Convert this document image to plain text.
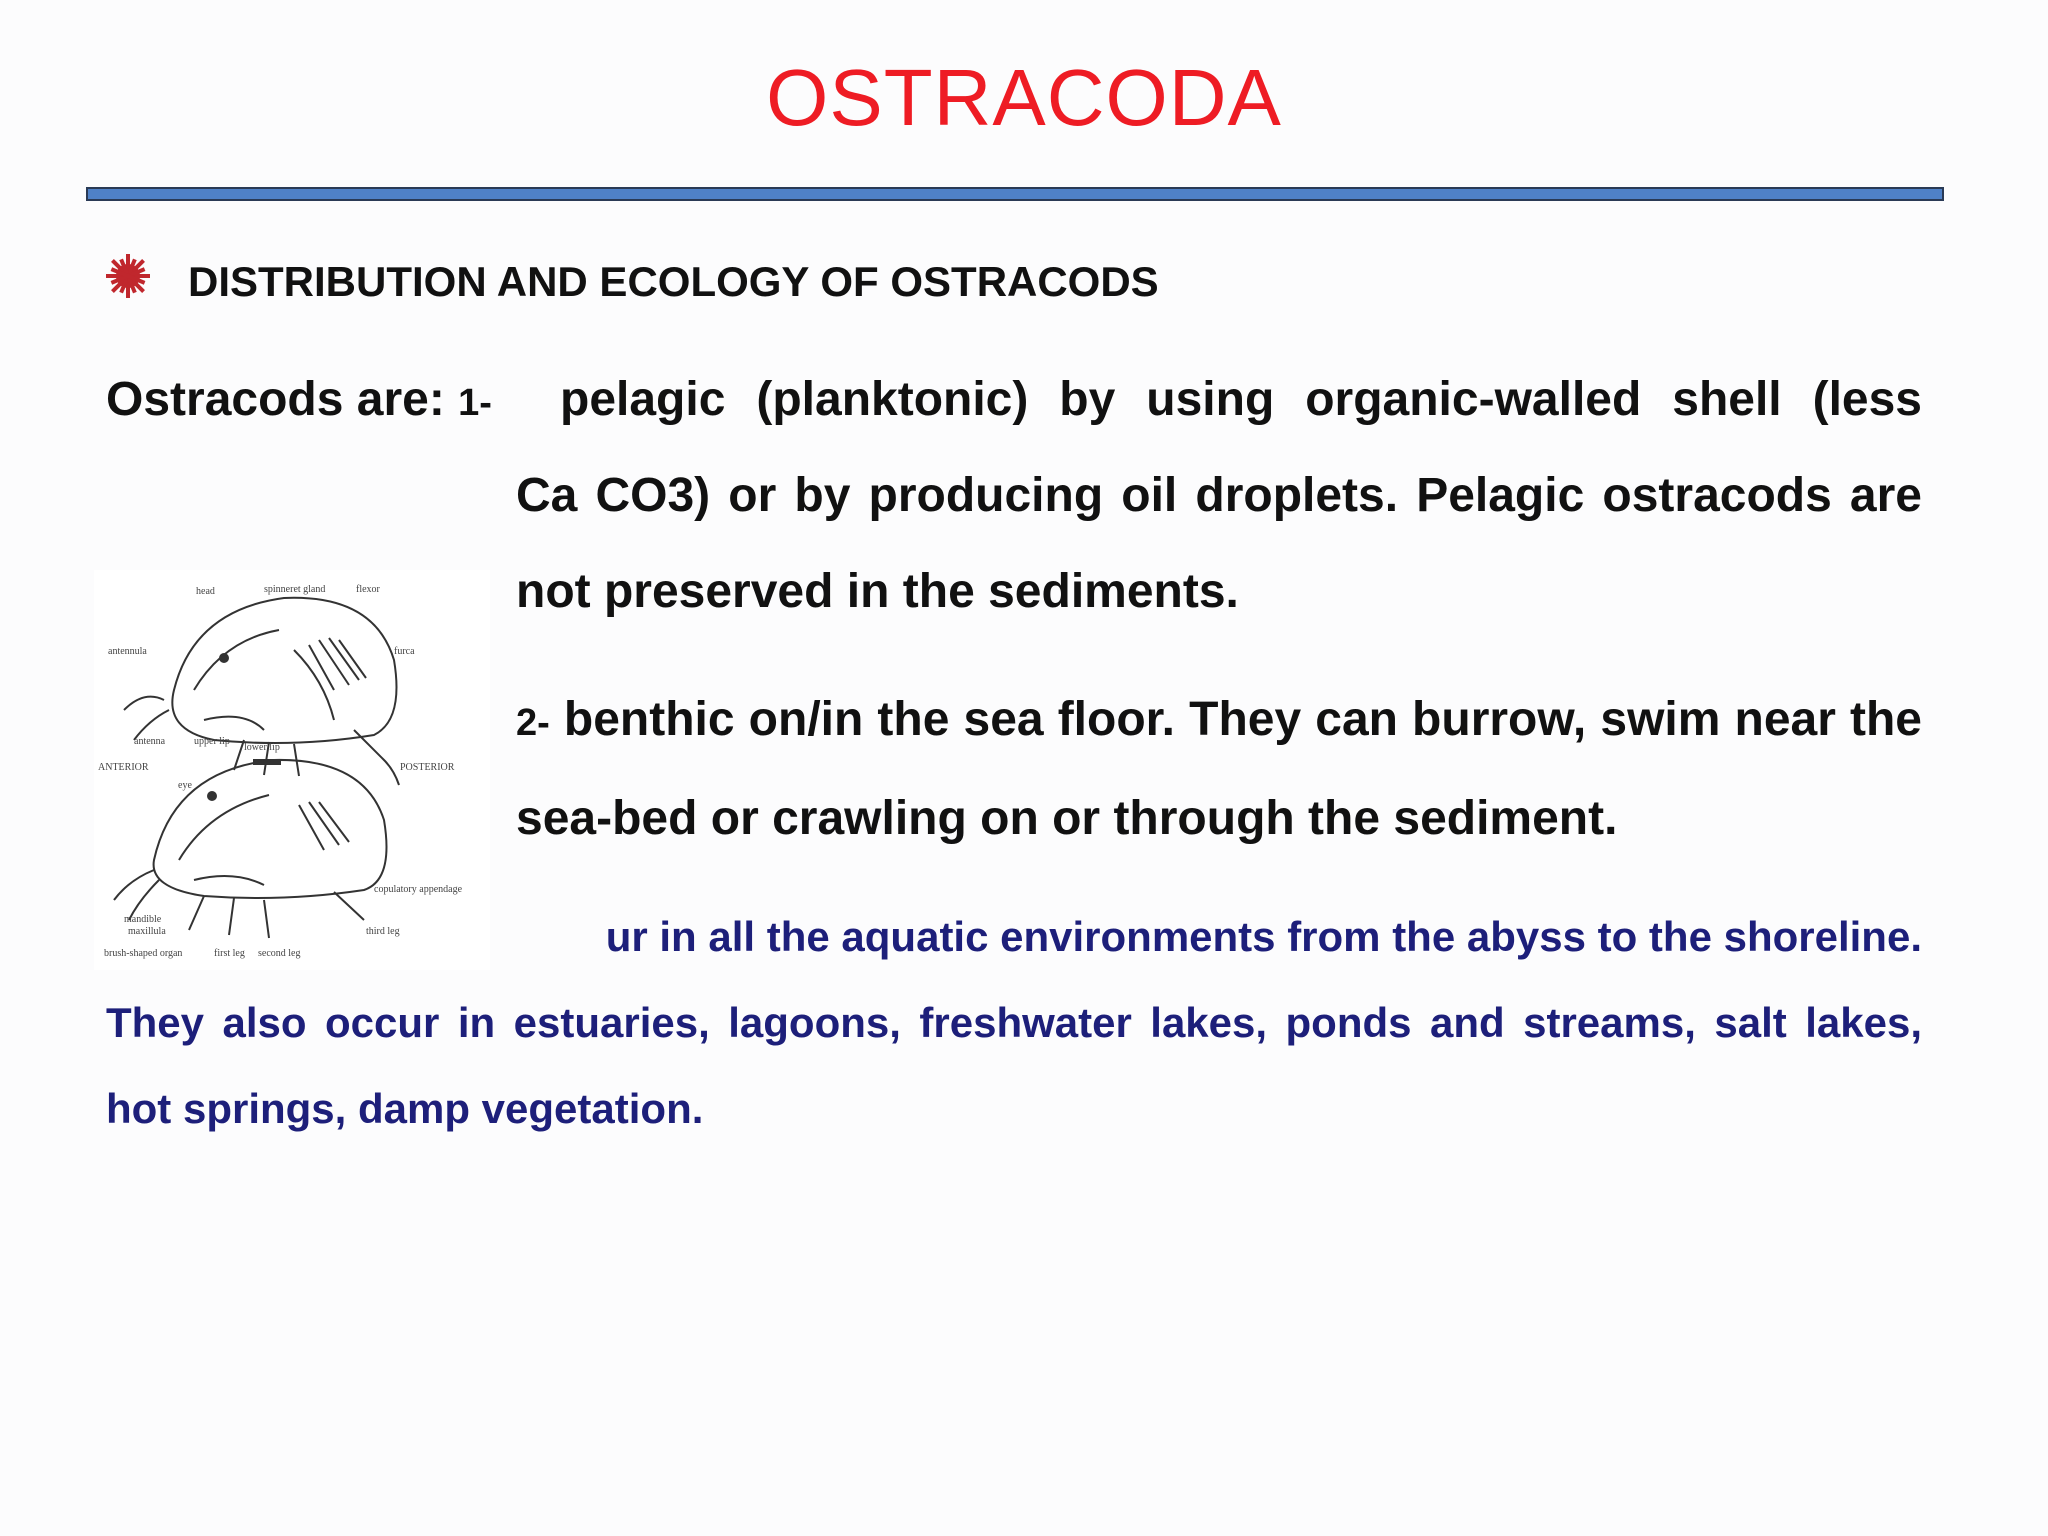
OSTRACODA
DISTRIBUTION AND ECOLOGY OF OSTRACODS
Ostracods are: 1- pelagic (planktonic) by using organic-walled shell (less
Ca CO3) or by producing oil droplets. Pelagic ostracods are not preserved in the sediments.
2- benthic on/in the sea floor. They can burrow, swim near the sea-bed or crawling on or through the sediment.
ur in all the aquatic environments from the abyss to the shoreline.
They also occur in estuaries, lagoons, freshwater lakes, ponds and streams, salt lakes,
hot springs, damp vegetation.
head	spinneret gland	flexor
antennula	furca
antenna	upper lip
lower lip
ANTERIOR	POSTERIOR
eye
copulatory appendage
mandible
maxillula
brush-shaped organ	first leg second leg
third leg
